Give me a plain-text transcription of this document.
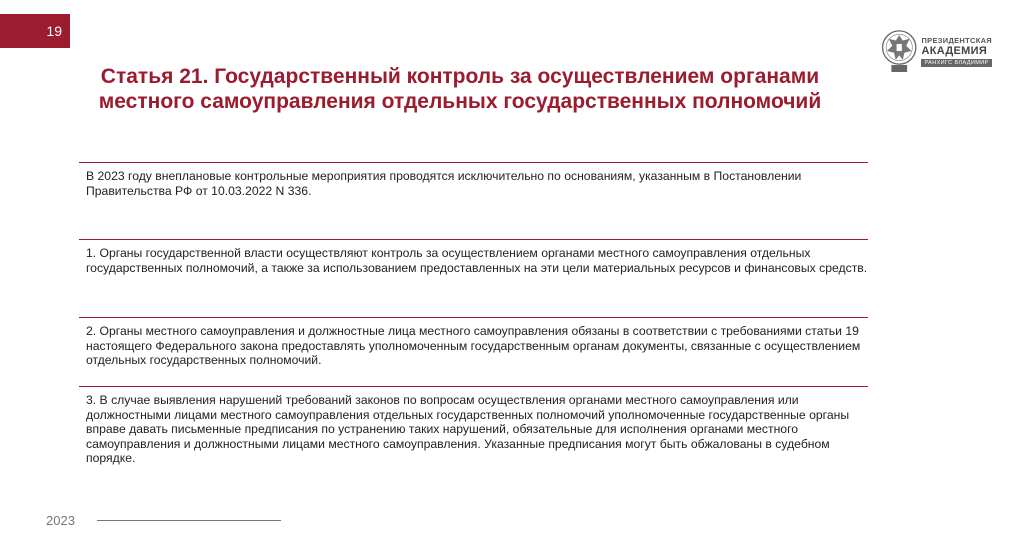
19
ПРЕЗИДЕНТСКАЯ
АКАДЕМИЯ
РАНХИГС ВЛАДИМИР
Статья 21. Государственный контроль за осуществлением органами местного самоуправления отдельных государственных полномочий
В 2023 году внеплановые контрольные мероприятия проводятся исключительно по основаниям, указанным в Постановлении Правительства РФ от 10.03.2022 N 336.
1. Органы государственной власти осуществляют контроль за осуществлением органами местного самоуправления отдельных государственных полномочий, а также за использованием предоставленных на эти цели материальных ресурсов и финансовых средств.
2. Органы местного самоуправления и должностные лица местного самоуправления обязаны в соответствии с требованиями статьи 19 настоящего Федерального закона предоставлять уполномоченным государственным органам документы, связанные с осуществлением отдельных государственных полномочий.
3. В случае выявления нарушений требований законов по вопросам осуществления органами местного самоуправления или должностными лицами местного самоуправления отдельных государственных полномочий уполномоченные государственные органы вправе давать письменные предписания по устранению таких нарушений, обязательные для исполнения органами местного самоуправления и должностными лицами местного самоуправления. Указанные предписания могут быть обжалованы в судебном порядке.
2023
